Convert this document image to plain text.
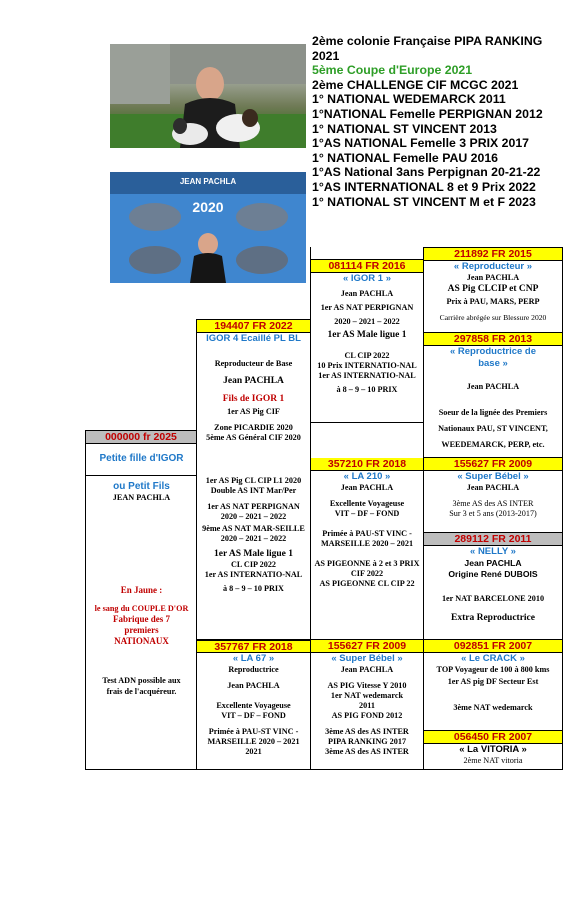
JEAN PACHLA
2020
2ème colonie Française PIPA RANKING 2021
5ème Coupe d'Europe 2021
2ème CHALLENGE CIF MCGC 2021
1° NATIONAL WEDEMARCK 2011
1°NATIONAL Femelle PERPIGNAN 2012
1° NATIONAL ST VINCENT 2013
1°AS NATIONAL Femelle 3 PRIX 2017
1° NATIONAL Femelle PAU 2016
1°AS National 3ans Perpignan 20-21-22
1°AS INTERNATIONAL 8 et 9 Prix 2022
1° NATIONAL ST VINCENT M et F 2023
000000 fr 2025
Petite fille d'IGOR
ou Petit Fils
JEAN PACHLA
En Jaune :
le sang du COUPLE D'OR
Fabrique des 7 premiers NATIONAUX
Test ADN possible aux frais de l'acquéreur.
194407 FR 2022
IGOR 4 Ecaillé PL BL
Reproducteur de Base
Jean PACHLA
Fils de IGOR 1
1er AS Pig CIF
Zone PICARDIE 2020
5ème AS Général CIF 2020
1er AS Pig CL CIP L1 2020
Double AS INT Mar/Per
1er AS NAT PERPIGNAN
2020 – 2021 – 2022
9ème AS NAT MAR-SEILLE
2020 – 2021 – 2022
1er AS Male ligue 1
CL CIP 2022
1er AS INTERNATIO-NAL
à 8 – 9 – 10 PRIX
357767 FR 2018
« LA 67 »
Reproductrice
Jean PACHLA
Excellente Voyageuse
VIT – DF – FOND
Primée à PAU-ST VINC - MARSEILLE 2020 – 2021
2021
081114 FR 2016
« IGOR 1 »
Jean PACHLA
1er AS NAT PERPIGNAN
2020 – 2021 – 2022
1er AS Male ligue 1
CL CIP 2022
10 Prix INTERNATIO-NAL
1er AS INTERNATIO-NAL
à 8 – 9 – 10 PRIX
357210 FR 2018
« LA 210 »
Jean PACHLA
Excellente Voyageuse
VIT – DF – FOND
Primée à PAU-ST VINC - MARSEILLE 2020 – 2021
AS PIGEONNE à 2 et 3 PRIX CIF 2022
AS PIGEONNE CL CIP 22
155627 FR 2009
« Super Bébel »
Jean PACHLA
AS PIG Vitesse Y 2010
1er NAT wedemarck
2011
AS PIG FOND 2012
3ème AS des AS INTER
PIPA RANKING 2017
3ème AS des AS INTER
211892 FR 2015
« Reproducteur »
Jean PACHLA
AS Pig CLCIP et CNP
Prix à PAU, MARS, PERP
Carrière abrégée sur Blessure 2020
297858 FR 2013
« Reproductrice de base »
Jean PACHLA
Soeur de la lignée des Premiers
Nationaux PAU, ST VINCENT,
WEEDEMARCK, PERP, etc.
155627 FR 2009
« Super Bébel »
Jean PACHLA
3ème AS des AS INTER
Sur 3 et 5 ans (2013-2017)
289112 FR 2011
« NELLY »
Jean PACHLA
Origine René DUBOIS
1er NAT BARCELONE 2010
Extra Reproductrice
092851 FR 2007
« Le CRACK »
TOP Voyageur de 100 à 800 kms
1er AS pig DF Secteur Est
3ème NAT wedemarck
056450 FR 2007
« La VITORIA »
2ème NAT vitoria
